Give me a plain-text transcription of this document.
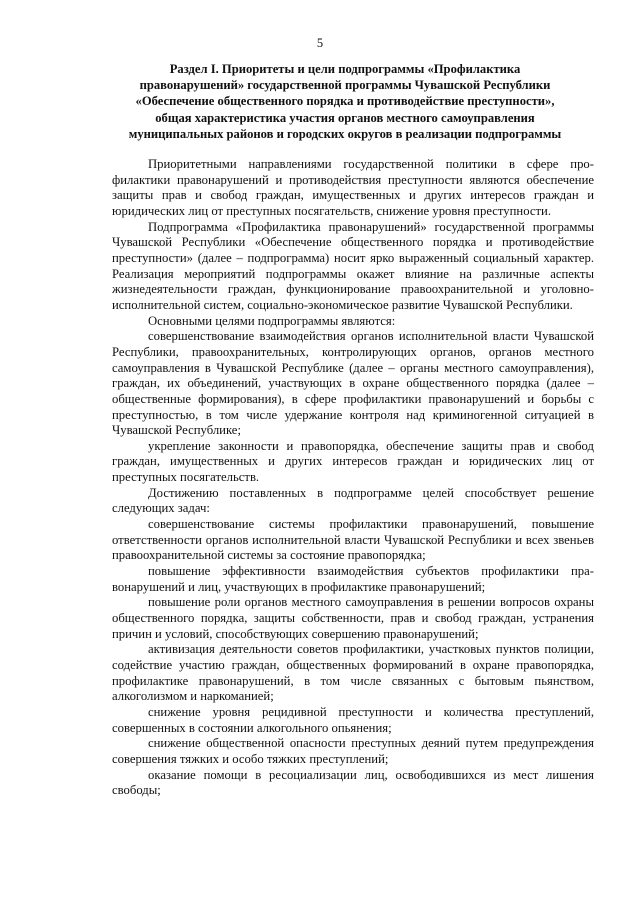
5
Раздел I. Приоритеты и цели подпрограммы «Профилактика
правонарушений» государственной программы Чувашской Республики
«Обеспечение общественного порядка и противодействие преступности»,
общая характеристика участия органов местного самоуправления
муниципальных районов и городских округов в реализации подпрограммы

Приоритетными направлениями государственной политики в сфере профилактики правонарушений и противодействия преступности являются обеспечение защиты прав и свобод граждан, имущественных и других интересов граждан и юридических лиц от преступных посягательств, снижение уровня преступности.

Подпрограмма «Профилактика правонарушений» государственной программы Чувашской Республики «Обеспечение общественного порядка и противодействие преступности» (далее – подпрограмма) носит ярко выраженный социальный характер. Реализация мероприятий подпрограммы окажет влияние на различные аспекты жизнедеятельности граждан, функционирование правоохранительной и уголовно-исполнительной систем, социально-экономическое развитие Чувашской Республики.

Основными целями подпрограммы являются:

совершенствование взаимодействия органов исполнительной власти Чувашской Республики, правоохранительных, контролирующих органов, органов местного самоуправления в Чувашской Республике (далее – органы местного самоуправления), граждан, их объединений, участвующих в охране общественного порядка (далее – общественные формирования), в сфере профилактики правонарушений и борьбы с преступностью, в том числе удержание контроля над криминогенной ситуацией в Чувашской Республике;

укрепление законности и правопорядка, обеспечение защиты прав и свобод граждан, имущественных и других интересов граждан и юридических лиц от преступных посягательств.

Достижению поставленных в подпрограмме целей способствует решение следующих задач:

совершенствование системы профилактики правонарушений, повышение ответственности органов исполнительной власти Чувашской Республики и всех звеньев правоохранительной системы за состояние правопорядка;

повышение эффективности взаимодействия субъектов профилактики правонарушений и лиц, участвующих в профилактике правонарушений;

повышение роли органов местного самоуправления в решении вопросов охраны общественного порядка, защиты собственности, прав и свобод граждан, устранения причин и условий, способствующих совершению правонарушений;

активизация деятельности советов профилактики, участковых пунктов полиции, содействие участию граждан, общественных формирований в охране правопорядка, профилактике правонарушений, в том числе связанных с бытовым пьянством, алкоголизмом и наркоманией;

снижение уровня рецидивной преступности и количества преступлений, совершенных в состоянии алкогольного опьянения;

снижение общественной опасности преступных деяний путем предупреждения совершения тяжких и особо тяжких преступлений;

оказание помощи в ресоциализации лиц, освободившихся из мест лишения свободы;
